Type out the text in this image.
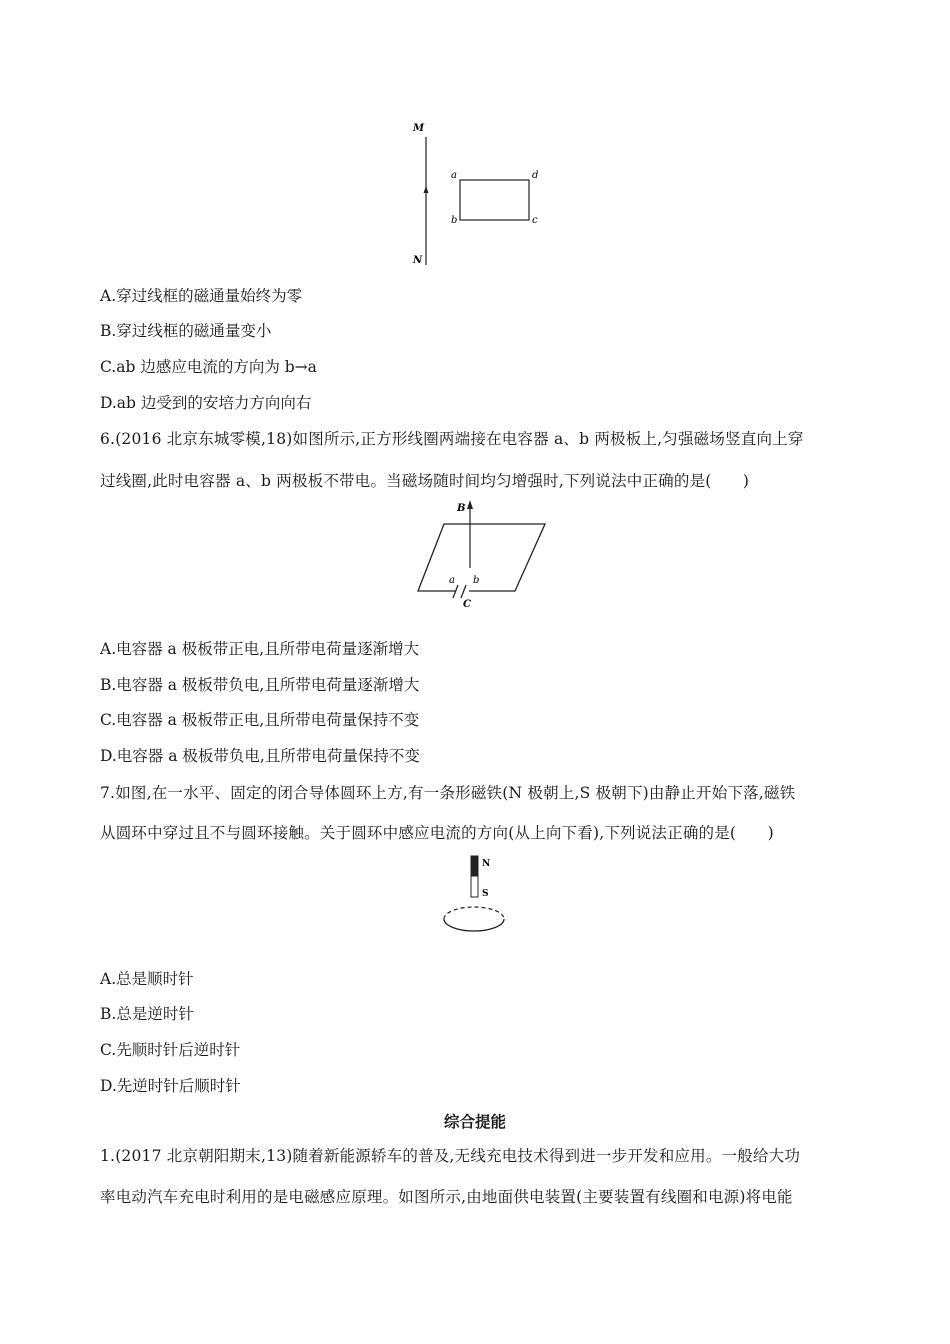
M
N
a	d
b	c
A.穿过线框的磁通量始终为零
B.穿过线框的磁通量变小
C.ab 边感应电流的方向为 b→a
D.ab 边受到的安培力方向向右
6.(2016 北京东城零模,18)如图所示,正方形线圈两端接在电容器 a、b 两极板上,匀强磁场竖直向上穿
过线圈,此时电容器 a、b 两极板不带电。当磁场随时间均匀增强时,下列说法中正确的是(　　)
B
a b
C
A.电容器 a 极板带正电,且所带电荷量逐渐增大
B.电容器 a 极板带负电,且所带电荷量逐渐增大
C.电容器 a 极板带正电,且所带电荷量保持不变
D.电容器 a 极板带负电,且所带电荷量保持不变
7.如图,在一水平、固定的闭合导体圆环上方,有一条形磁铁(N 极朝上,S 极朝下)由静止开始下落,磁铁
从圆环中穿过且不与圆环接触。关于圆环中感应电流的方向(从上向下看),下列说法正确的是(　　)
N
S
A.总是顺时针
B.总是逆时针
C.先顺时针后逆时针
D.先逆时针后顺时针
综合提能
1.(2017 北京朝阳期末,13)随着新能源轿车的普及,无线充电技术得到进一步开发和应用。一般给大功
率电动汽车充电时利用的是电磁感应原理。如图所示,由地面供电装置(主要装置有线圈和电源)将电能
